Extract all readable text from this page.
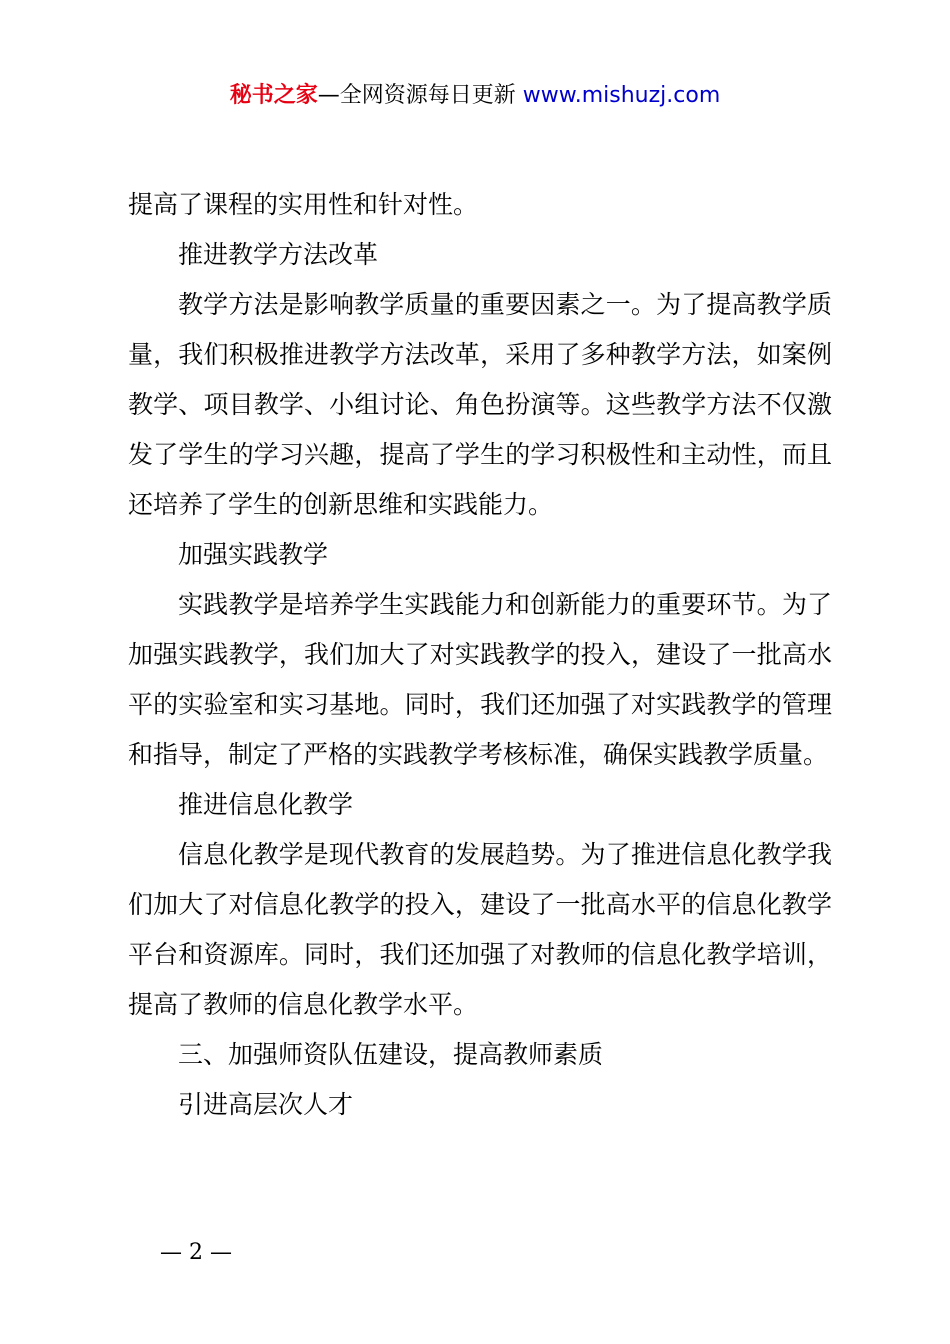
秘书之家—全网资源每日更新 www.mishuzj.com

提高了课程的实用性和针对性。

推进教学方法改革

教学方法是影响教学质量的重要因素之一。为了提高教学质量，我们积极推进教学方法改革，采用了多种教学方法，如案例教学、项目教学、小组讨论、角色扮演等。这些教学方法不仅激发了学生的学习兴趣，提高了学生的学习积极性和主动性，而且还培养了学生的创新思维和实践能力。

加强实践教学

实践教学是培养学生实践能力和创新能力的重要环节。为了加强实践教学，我们加大了对实践教学的投入，建设了一批高水平的实验室和实习基地。同时，我们还加强了对实践教学的管理和指导，制定了严格的实践教学考核标准，确保实践教学质量。

推进信息化教学

信息化教学是现代教育的发展趋势。为了推进信息化教学我们加大了对信息化教学的投入，建设了一批高水平的信息化教学平台和资源库。同时，我们还加强了对教师的信息化教学培训，提高了教师的信息化教学水平。

三、加强师资队伍建设，提高教师素质

引进高层次人才

— 2 —
